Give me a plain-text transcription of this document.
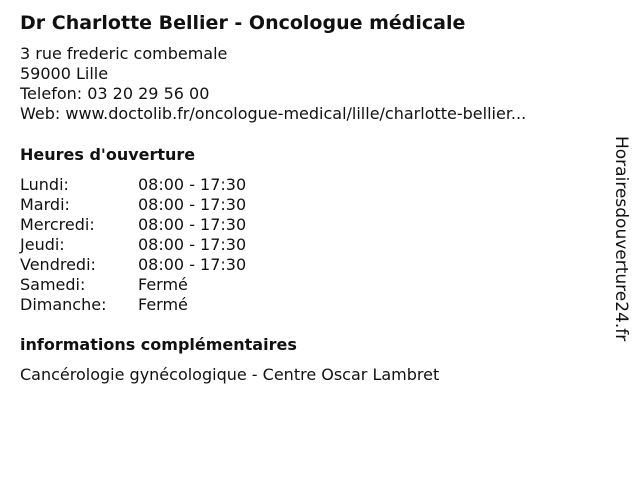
Dr Charlotte Bellier - Oncologue médicale
3 rue frederic combemale
59000 Lille
Telefon: 03 20 29 56 00
Web: www.doctolib.fr/oncologue-medical/lille/charlotte-bellier...
Heures d'ouverture
Lundi:	08:00 - 17:30
Mardi:	08:00 - 17:30
Mercredi:	08:00 - 17:30
Jeudi:	08:00 - 17:30
Vendredi:	08:00 - 17:30
Samedi:	Fermé
Dimanche: Fermé
informations complémentaires
Cancérologie gynécologique - Centre Oscar Lambret
Horairesdouverture24.fr
